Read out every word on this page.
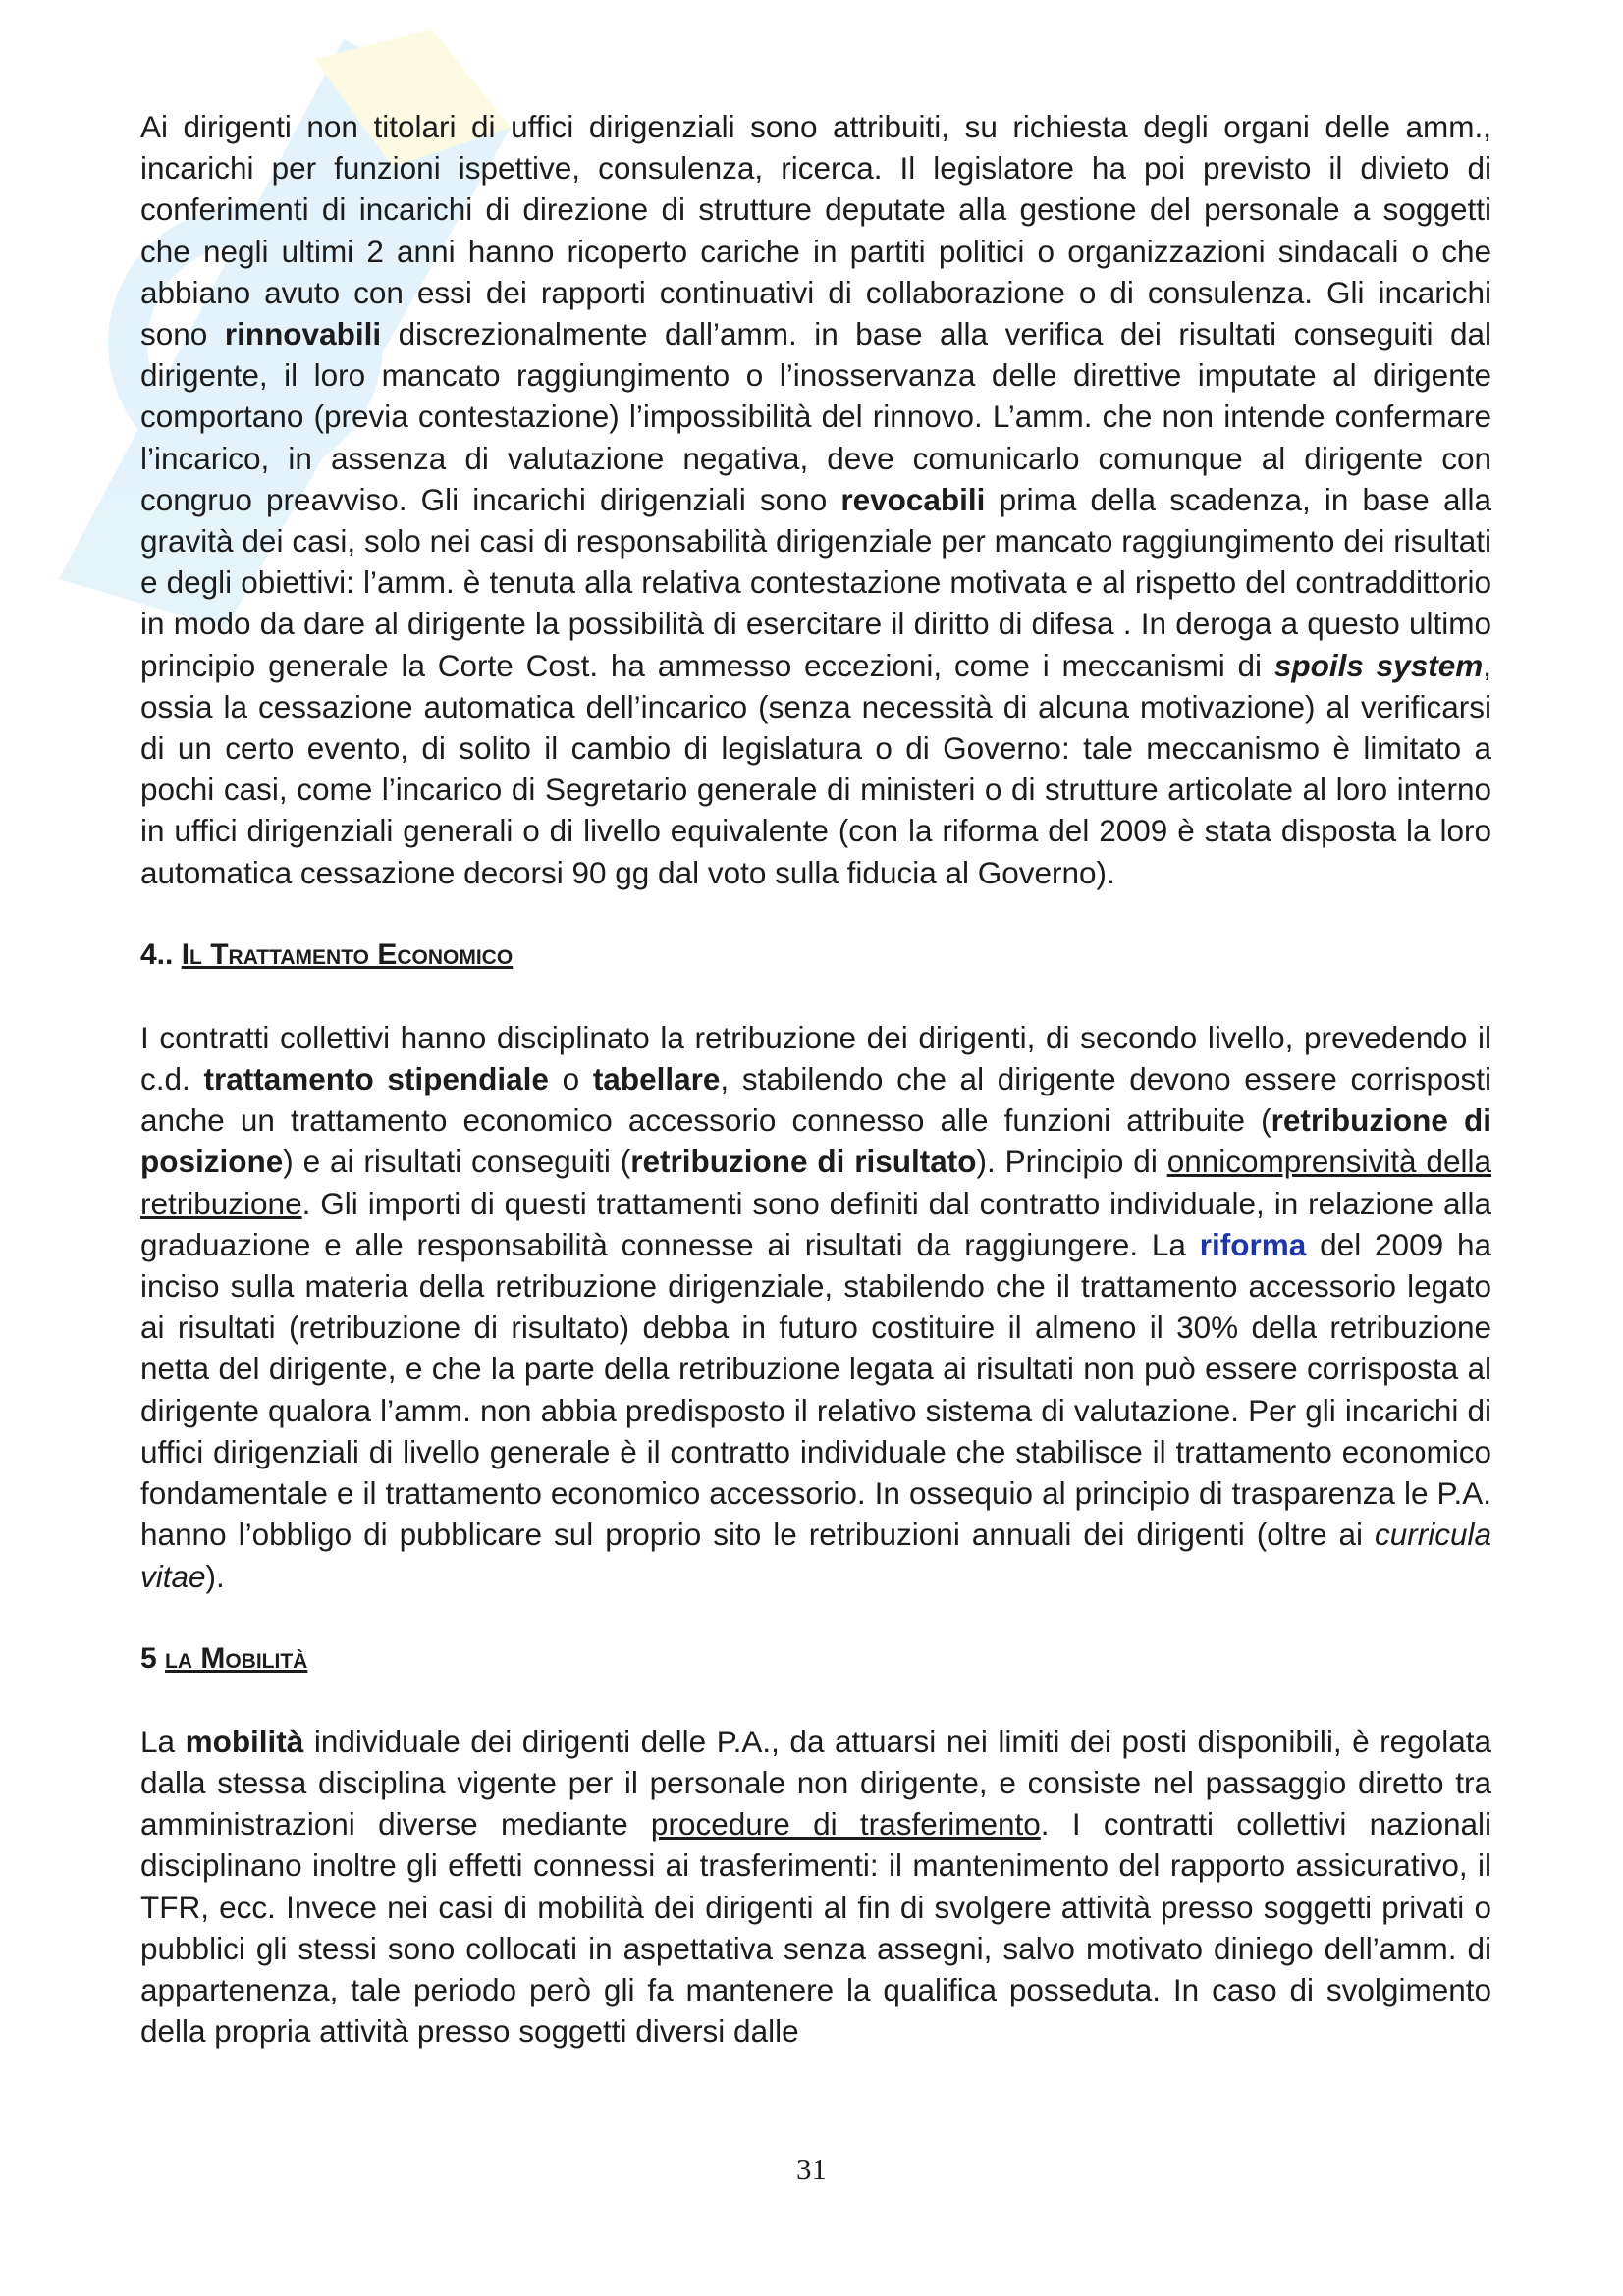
Ai dirigenti non titolari di uffici dirigenziali sono attribuiti, su richiesta degli organi delle amm., incarichi per funzioni ispettive, consulenza, ricerca. Il legislatore ha poi previsto il divieto di conferimenti di incarichi di direzione di strutture deputate alla gestione del personale a soggetti che negli ultimi 2 anni hanno ricoperto cariche in partiti politici o organizzazioni sindacali o che abbiano avuto con essi dei rapporti continuativi di collaborazione o di consulenza. Gli incarichi sono rinnovabili discrezionalmente dall’amm. in base alla verifica dei risultati conseguiti dal dirigente, il loro mancato raggiungimento o l’inosservanza delle direttive imputate al dirigente comportano (previa contestazione) l’impossibilità del rinnovo. L’amm. che non intende confermare l’incarico, in assenza di valutazione negativa, deve comunicarlo comunque al dirigente con congruo preavviso. Gli incarichi dirigenziali sono revocabili prima della scadenza, in base alla gravità dei casi, solo nei casi di responsabilità dirigenziale per mancato raggiungimento dei risultati e degli obiettivi: l’amm. è tenuta alla relativa contestazione motivata e al rispetto del contraddittorio in modo da dare al dirigente la possibilità di esercitare il diritto di difesa . In deroga a questo ultimo principio generale la Corte Cost. ha ammesso eccezioni, come i meccanismi di spoils system, ossia la cessazione automatica dell’incarico (senza necessità di alcuna motivazione) al verificarsi di un certo evento, di solito il cambio di legislatura o di Governo: tale meccanismo è limitato a pochi casi, come l’incarico di Segretario generale di ministeri o di strutture articolate al loro interno in uffici dirigenziali generali o di livello equivalente (con la riforma del 2009 è stata disposta la loro automatica cessazione decorsi 90 gg dal voto sulla fiducia al Governo).

4.. Il Trattamento Economico

I contratti collettivi hanno disciplinato la retribuzione dei dirigenti, di secondo livello, prevedendo il c.d. trattamento stipendiale o tabellare, stabilendo che al dirigente devono essere corrisposti anche un trattamento economico accessorio connesso alle funzioni attribuite (retribuzione di posizione) e ai risultati conseguiti (retribuzione di risultato). Principio di onnicomprensività della retribuzione. Gli importi di questi trattamenti sono definiti dal contratto individuale, in relazione alla graduazione e alle responsabilità connesse ai risultati da raggiungere. La riforma del 2009 ha inciso sulla materia della retribuzione dirigenziale, stabilendo che il trattamento accessorio legato ai risultati (retribuzione di risultato) debba in futuro costituire il almeno il 30% della retribuzione netta del dirigente, e che la parte della retribuzione legata ai risultati non può essere corrisposta al dirigente qualora l’amm. non abbia predisposto il relativo sistema di valutazione. Per gli incarichi di uffici dirigenziali di livello generale è il contratto individuale che stabilisce il trattamento economico fondamentale e il trattamento economico accessorio. In ossequio al principio di trasparenza le P.A. hanno l’obbligo di pubblicare sul proprio sito le retribuzioni annuali dei dirigenti (oltre ai curricula vitae).

5 la Mobilità

La mobilità individuale dei dirigenti delle P.A., da attuarsi nei limiti dei posti disponibili, è regolata dalla stessa disciplina vigente per il personale non dirigente, e consiste nel passaggio diretto tra amministrazioni diverse mediante procedure di trasferimento. I contratti collettivi nazionali disciplinano inoltre gli effetti connessi ai trasferimenti: il mantenimento del rapporto assicurativo, il TFR, ecc. Invece nei casi di mobilità dei dirigenti al fin di svolgere attività presso soggetti privati o pubblici gli stessi sono collocati in aspettativa senza assegni, salvo motivato diniego dell’amm. di appartenenza, tale periodo però gli fa mantenere la qualifica posseduta. In caso di svolgimento della propria attività presso soggetti diversi dalle

31
